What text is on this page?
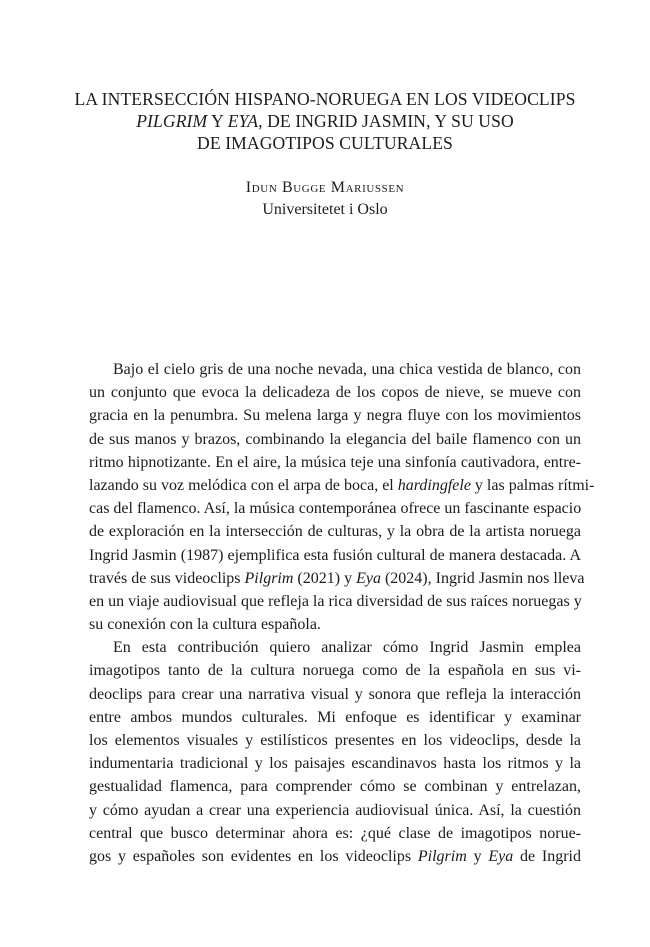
LA INTERSECCIÓN HISPANO-NORUEGA EN LOS VIDEOCLIPS
PILGRIM Y EYA, DE INGRID JASMIN, Y SU USO
DE IMAGOTIPOS CULTURALES
Idun Bugge Mariussen
Universitetet i Oslo
Bajo el cielo gris de una noche nevada, una chica vestida de blanco, con
un conjunto que evoca la delicadeza de los copos de nieve, se mueve con
gracia en la penumbra. Su melena larga y negra fluye con los movimientos
de sus manos y brazos, combinando la elegancia del baile flamenco con un
ritmo hipnotizante. En el aire, la música teje una sinfonía cautivadora, entre-
lazando su voz melódica con el arpa de boca, el hardingfele y las palmas rítmi-
cas del flamenco. Así, la música contemporánea ofrece un fascinante espacio
de exploración en la intersección de culturas, y la obra de la artista noruega
Ingrid Jasmin (1987) ejemplifica esta fusión cultural de manera destacada. A
través de sus videoclips Pilgrim (2021) y Eya (2024), Ingrid Jasmin nos lleva
en un viaje audiovisual que refleja la rica diversidad de sus raíces noruegas y
su conexión con la cultura española.
En esta contribución quiero analizar cómo Ingrid Jasmin emplea
imagotipos tanto de la cultura noruega como de la española en sus vi-
deoclips para crear una narrativa visual y sonora que refleja la interacción
entre ambos mundos culturales. Mi enfoque es identificar y examinar
los elementos visuales y estilísticos presentes en los videoclips, desde la
indumentaria tradicional y los paisajes escandinavos hasta los ritmos y la
gestualidad flamenca, para comprender cómo se combinan y entrelazan,
y cómo ayudan a crear una experiencia audiovisual única. Así, la cuestión
central que busco determinar ahora es: ¿qué clase de imagotipos norue-
gos y españoles son evidentes en los videoclips Pilgrim y Eya de Ingrid
